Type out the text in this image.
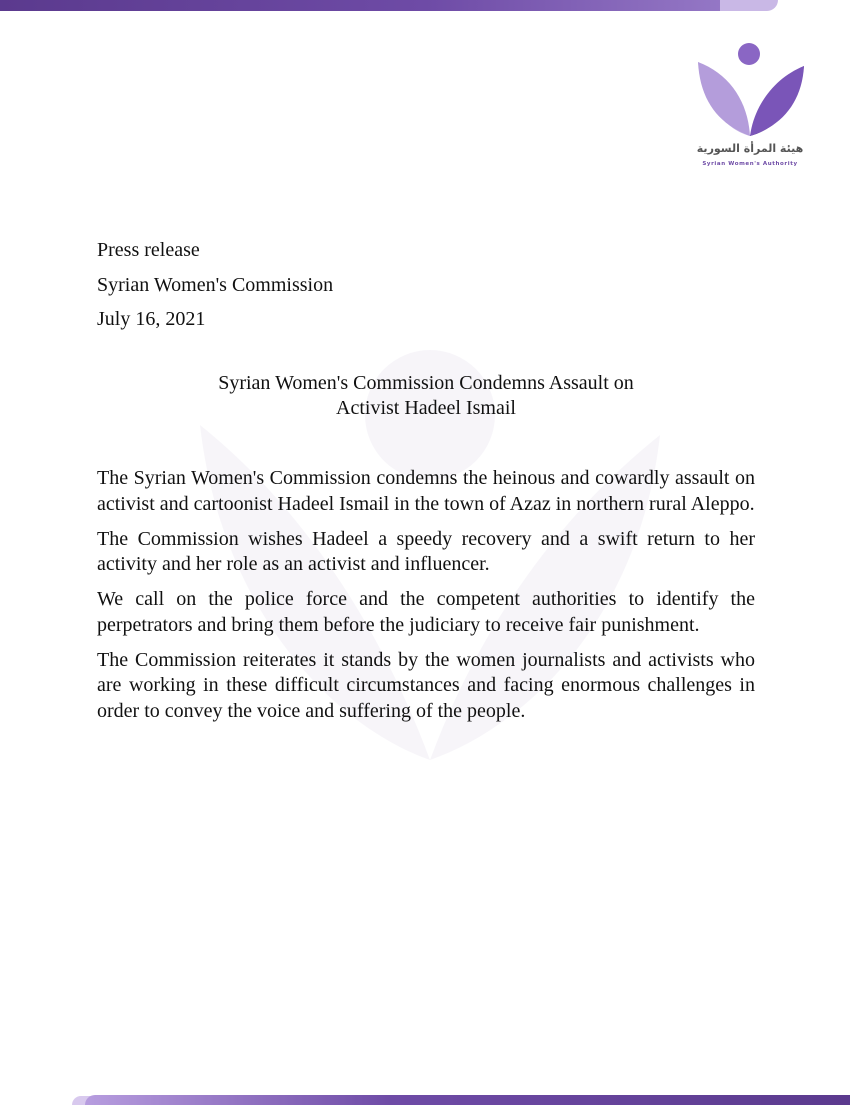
هيئة المرأة السورية
Syrian Women's Authority
Press release
Syrian Women's Commission
July 16, 2021
Syrian Women's Commission Condemns Assault on
Activist Hadeel Ismail

The Syrian Women's Commission condemns the heinous and cowardly assault on activist and cartoonist Hadeel Ismail in the town of Azaz in northern rural Aleppo.

The Commission wishes Hadeel a speedy recovery and a swift return to her activity and her role as an activist and influencer.

We call on the police force and the competent authorities to identify the perpetrators and bring them before the judiciary to receive fair punishment.

The Commission reiterates it stands by the women journalists and activists who are working in these difficult circumstances and facing enormous challenges in order to convey the voice and suffering of the people.
